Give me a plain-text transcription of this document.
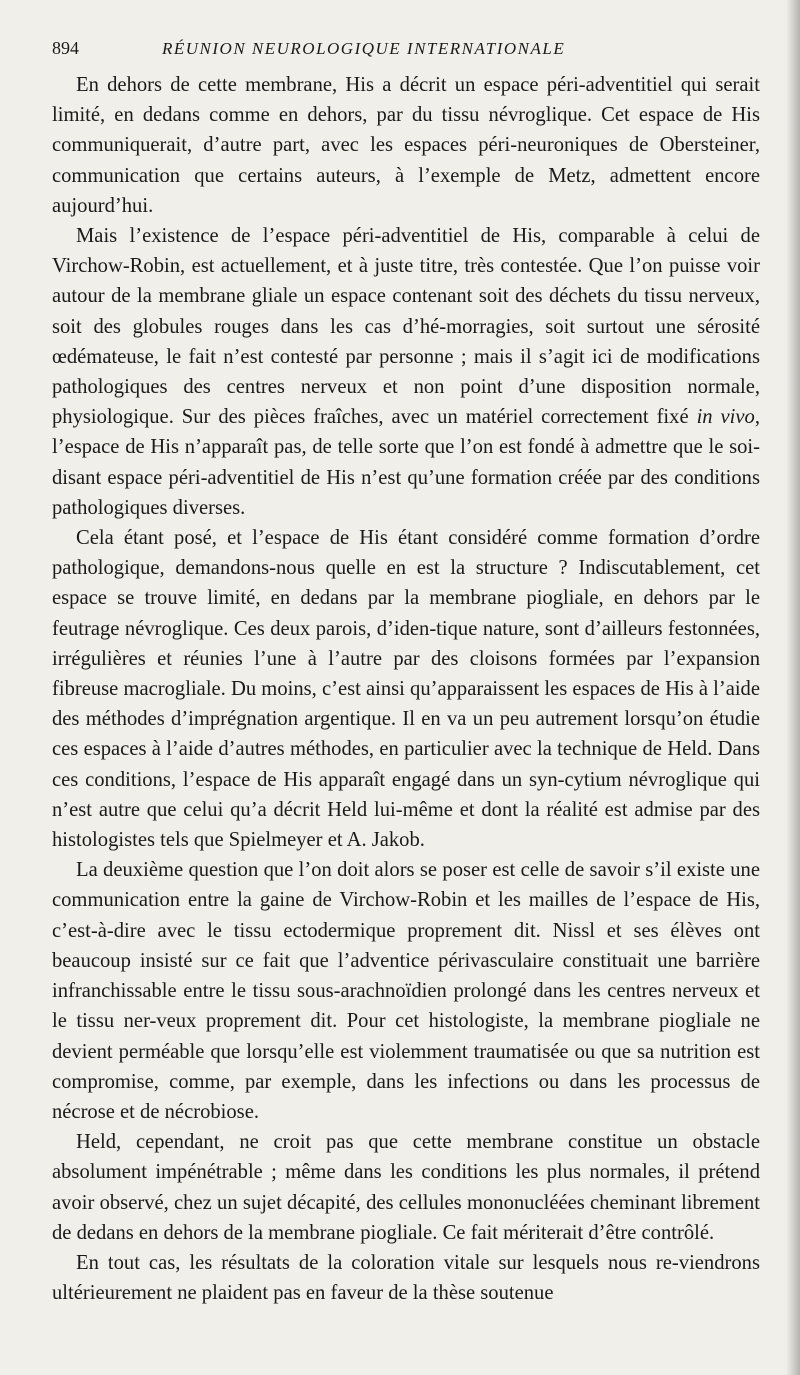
894	RÉUNION NEUROLOGIQUE INTERNATIONALE

En dehors de cette membrane, His a décrit un espace péri-adventitiel qui serait limité, en dedans comme en dehors, par du tissu névroglique. Cet espace de His communiquerait, d’autre part, avec les espaces péri-neuroniques de Obersteiner, communication que certains auteurs, à l’exemple de Metz, admettent encore aujourd’hui.

Mais l’existence de l’espace péri-adventitiel de His, comparable à celui de Virchow-Robin, est actuellement, et à juste titre, très contestée. Que l’on puisse voir autour de la membrane gliale un espace contenant soit des déchets du tissu nerveux, soit des globules rouges dans les cas d’hé-morragies, soit surtout une sérosité œdémateuse, le fait n’est contesté par personne ; mais il s’agit ici de modifications pathologiques des centres nerveux et non point d’une disposition normale, physiologique. Sur des pièces fraîches, avec un matériel correctement fixé in vivo, l’espace de His n’apparaît pas, de telle sorte que l’on est fondé à admettre que le soi-disant espace péri-adventitiel de His n’est qu’une formation créée par des conditions pathologiques diverses.

Cela étant posé, et l’espace de His étant considéré comme formation d’ordre pathologique, demandons-nous quelle en est la structure ? Indiscutablement, cet espace se trouve limité, en dedans par la membrane piogliale, en dehors par le feutrage névroglique. Ces deux parois, d’iden-tique nature, sont d’ailleurs festonnées, irrégulières et réunies l’une à l’autre par des cloisons formées par l’expansion fibreuse macrogliale. Du moins, c’est ainsi qu’apparaissent les espaces de His à l’aide des méthodes d’imprégnation argentique. Il en va un peu autrement lorsqu’on étudie ces espaces à l’aide d’autres méthodes, en particulier avec la technique de Held. Dans ces conditions, l’espace de His apparaît engagé dans un syn-cytium névroglique qui n’est autre que celui qu’a décrit Held lui-même et dont la réalité est admise par des histologistes tels que Spielmeyer et A. Jakob.

La deuxième question que l’on doit alors se poser est celle de savoir s’il existe une communication entre la gaine de Virchow-Robin et les mailles de l’espace de His, c’est-à-dire avec le tissu ectodermique proprement dit. Nissl et ses élèves ont beaucoup insisté sur ce fait que l’adventice périvasculaire constituait une barrière infranchissable entre le tissu sous-arachnoïdien prolongé dans les centres nerveux et le tissu ner-veux proprement dit. Pour cet histologiste, la membrane piogliale ne devient perméable que lorsqu’elle est violemment traumatisée ou que sa nutrition est compromise, comme, par exemple, dans les infections ou dans les processus de nécrose et de nécrobiose.

Held, cependant, ne croit pas que cette membrane constitue un obstacle absolument impénétrable ; même dans les conditions les plus normales, il prétend avoir observé, chez un sujet décapité, des cellules mononucléées cheminant librement de dedans en dehors de la membrane piogliale. Ce fait mériterait d’être contrôlé.

En tout cas, les résultats de la coloration vitale sur lesquels nous re-viendrons ultérieurement ne plaident pas en faveur de la thèse soutenue
